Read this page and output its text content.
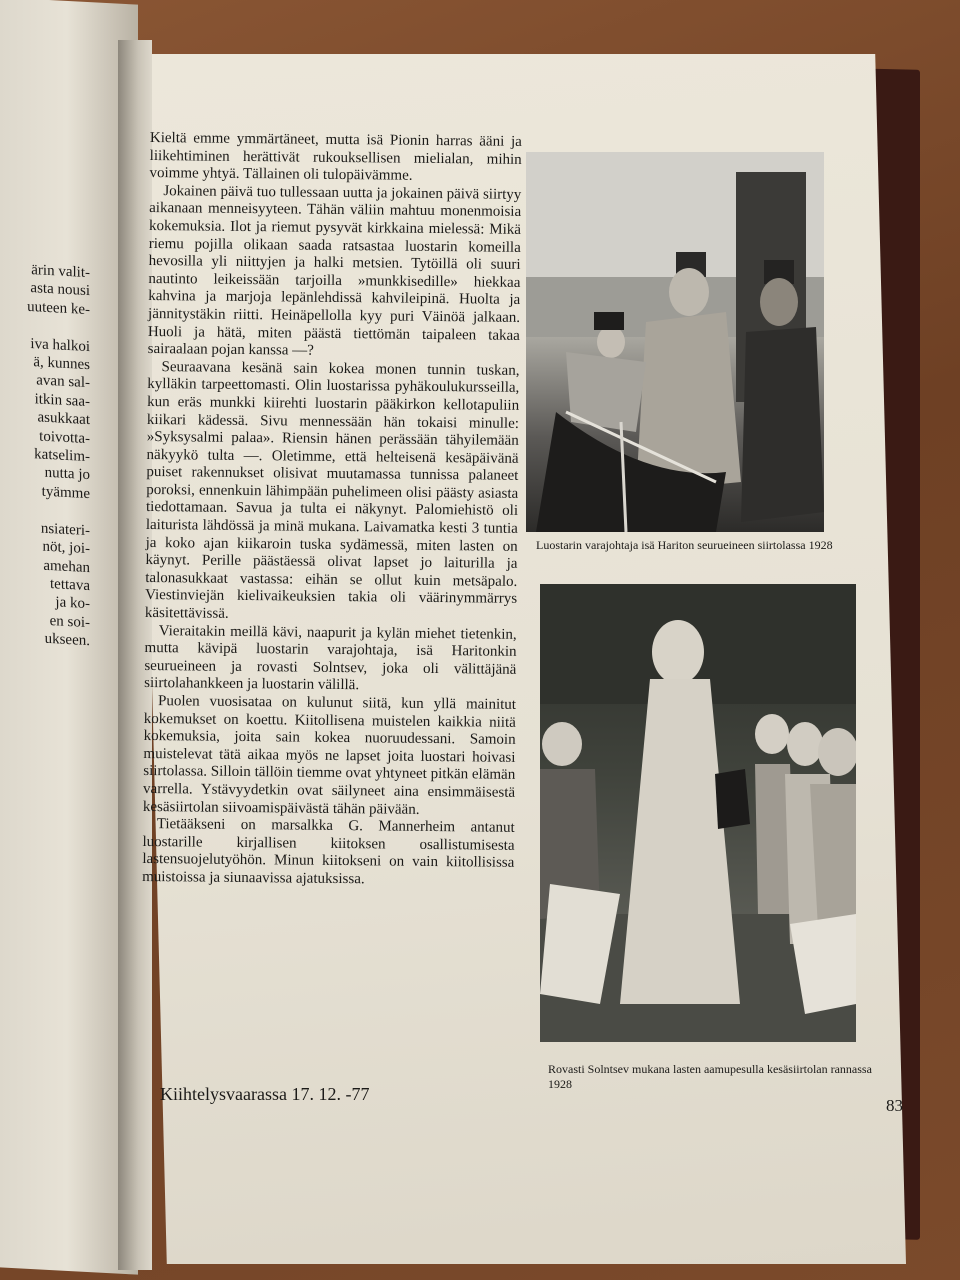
ärin valit-
asta nousi
uuteen ke-

iva halkoi
ä, kunnes
avan sal-
itkin saa-
asukkaat
toivotta-
katselim-
nutta jo
tyämme

nsiateri-
nöt, joi-
amehan
tettava
ja ko-
en soi-
ukseen.

Kieltä emme ymmärtäneet, mutta isä Pionin harras ääni ja liikehtiminen herättivät rukouksellisen mielialan, mihin voimme yhtyä. Tällainen oli tulopäivämme.

Jokainen päivä tuo tullessaan uutta ja jokainen päivä siirtyy aikanaan menneisyyteen. Tähän väliin mahtuu monenmoisia kokemuksia. Ilot ja riemut pysyvät kirkkaina mielessä: Mikä riemu pojilla olikaan saada ratsastaa luostarin komeilla hevosilla yli niittyjen ja halki metsien. Tytöillä oli suuri nautinto leikeissään tarjoilla »munkkisedille» hiekkaa kahvina ja marjoja lepänlehdissä kahvileipinä. Huolta ja jännitystäkin riitti. Heinäpellolla kyy puri Väinöä jalkaan. Huoli ja hätä, miten päästä tiettömän taipaleen takaa sairaalaan pojan kanssa —?

Seuraavana kesänä sain kokea monen tunnin tuskan, kylläkin tarpeettomasti. Olin luostarissa pyhäkoulukursseilla, kun eräs munkki kiirehti luostarin pääkirkon kellotapuliin kiikari kädessä. Sivu mennessään hän tokaisi minulle: »Syksysalmi palaa». Riensin hänen perässään tähyilemään näkyykö tulta —. Oletimme, että helteisenä kesäpäivänä puiset rakennukset olisivat muutamassa tunnissa palaneet poroksi, ennenkuin lähimpään puhelimeen olisi päästy asiasta tiedottamaan. Savua ja tulta ei näkynyt. Palomiehistö oli laiturista lähdössä ja minä mukana. Laivamatka kesti 3 tuntia ja koko ajan kiikaroin tuska sydämessä, miten lasten on käynyt. Perille päästäessä olivat lapset jo laiturilla ja talonasukkaat vastassa: eihän se ollut kuin metsäpalo. Viestinviejän kielivaikeuksien takia oli väärinymmärrys käsitettävissä.

Vieraitakin meillä kävi, naapurit ja kylän miehet tietenkin, mutta kävipä luostarin varajohtaja, isä Haritonkin seurueineen ja rovasti Solntsev, joka oli välittäjänä siirtolahankkeen ja luostarin välillä.

Puolen vuosisataa on kulunut siitä, kun yllä mainitut kokemukset on koettu. Kiitollisena muistelen kaikkia niitä kokemuksia, joita sain kokea nuoruudessani. Samoin muistelevat tätä aikaa myös ne lapset joita luostari hoivasi siirtolassa. Silloin tällöin tiemme ovat yhtyneet pitkän elämän varrella. Ystävyydetkin ovat säilyneet aina ensimmäisestä kesäsiirtolan siivoamispäivästä tähän päivään.

Tietääkseni on marsalkka G. Mannerheim antanut luostarille kirjallisen kiitoksen osallistumisesta lastensuojelutyöhön. Minun kiitokseni on vain kiitollisissa muistoissa ja siunaavissa ajatuksissa.

Kiihtelysvaarassa 17. 12. -77
83
Luostarin varajohtaja isä Hariton seurueineen siirtolassa 1928
Rovasti Solntsev mukana lasten aamupesulla kesäsiirtolan rannassa 1928
